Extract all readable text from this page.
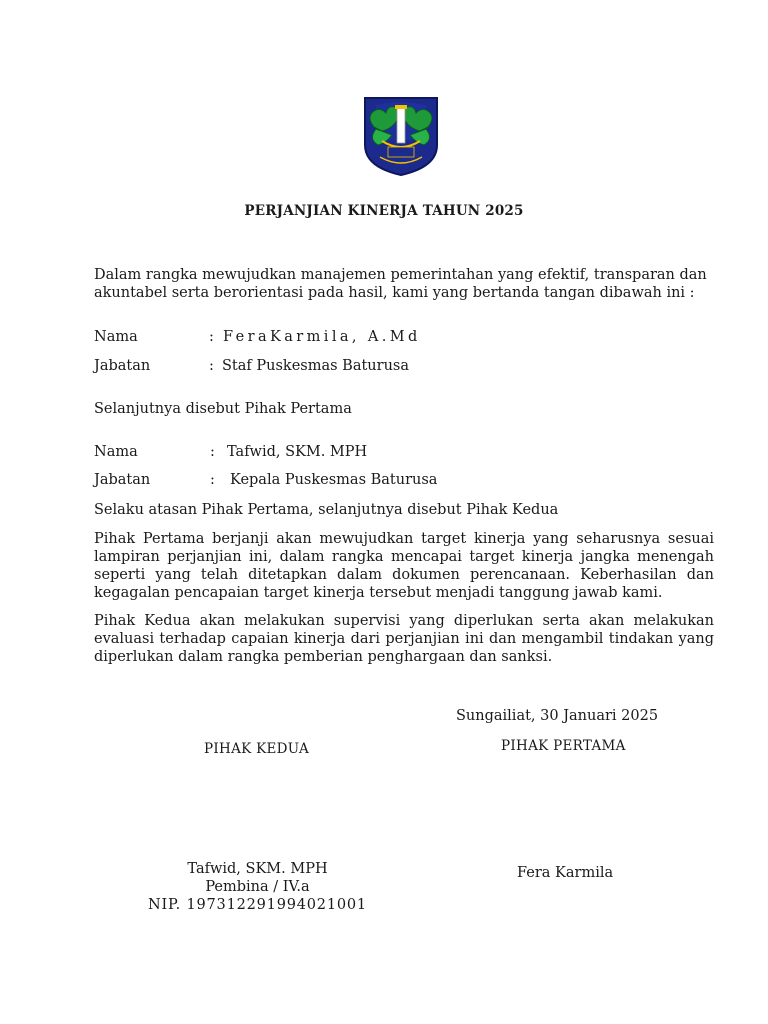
PERJANJIAN KINERJA TAHUN 2025
Dalam rangka mewujudkan manajemen pemerintahan yang efektif, transparan dan akuntabel serta berorientasi pada hasil, kami yang bertanda tangan dibawah ini :
Nama	: FeraKarmila, A.Md
Jabatan	: Staf Puskesmas Baturusa
Selanjutnya disebut Pihak Pertama
Nama	: Tafwid, SKM. MPH
Jabatan	: Kepala Puskesmas Baturusa
Selaku atasan Pihak Pertama, selanjutnya disebut Pihak Kedua
Pihak Pertama berjanji akan mewujudkan target kinerja yang seharusnya sesuai lampiran perjanjian ini, dalam rangka mencapai target kinerja jangka menengah seperti yang telah ditetapkan dalam dokumen perencanaan. Keberhasilan dan kegagalan pencapaian target kinerja tersebut menjadi tanggung jawab kami.
Pihak Kedua akan melakukan supervisi yang diperlukan serta akan melakukan evaluasi terhadap capaian kinerja dari perjanjian ini dan mengambil tindakan yang diperlukan dalam rangka pemberian penghargaan dan sanksi.
Sungailiat, 30 Januari 2025
PIHAK KEDUA	PIHAK PERTAMA
Tafwid, SKM. MPH
Pembina / IV.a
NIP. 197312291994021001
Fera Karmila
